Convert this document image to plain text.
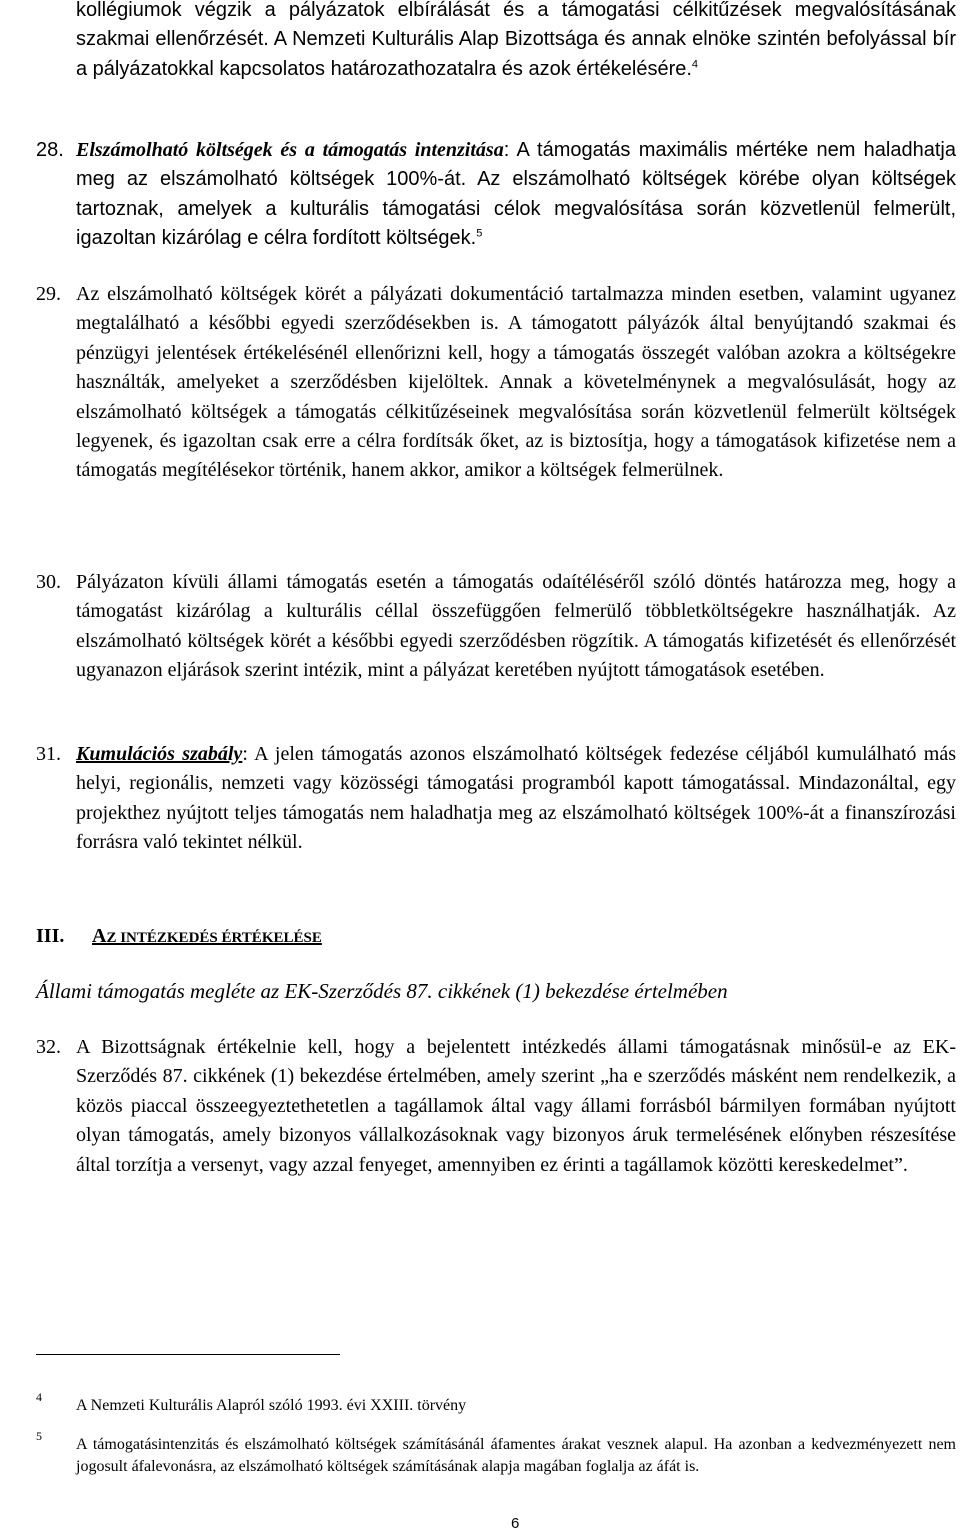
kollégiumok végzik a pályázatok elbírálását és a támogatási célkitűzések megvalósításának szakmai ellenőrzését. A Nemzeti Kulturális Alap Bizottsága és annak elnöke szintén befolyással bír a pályázatokkal kapcsolatos határozathozatalra és azok értékelésére.$^4$
28. Elszámolható költségek és a támogatás intenzitása: A támogatás maximális mértéke nem haladhatja meg az elszámolható költségek 100%-át. Az elszámolható költségek körébe olyan költségek tartoznak, amelyek a kulturális támogatási célok megvalósítása során közvetlenül felmerült, igazoltan kizárólag e célra fordított költségek.$^5$
29. Az elszámolható költségek körét a pályázati dokumentáció tartalmazza minden esetben, valamint ugyanez megtalálható a későbbi egyedi szerződésekben is. A támogatott pályázók által benyújtandó szakmai és pénzügyi jelentések értékelésénél ellenőrizni kell, hogy a támogatás összegét valóban azokra a költségekre használták, amelyeket a szerződésben kijelöltek. Annak a követelménynek a megvalósulását, hogy az elszámolható költségek a támogatás célkitűzéseinek megvalósítása során közvetlenül felmerült költségek legyenek, és igazoltan csak erre a célra fordítsák őket, az is biztosítja, hogy a támogatások kifizetése nem a támogatás megítélésekor történik, hanem akkor, amikor a költségek felmerülnek.
30. Pályázaton kívüli állami támogatás esetén a támogatás odaítéléséről szóló döntés határozza meg, hogy a támogatást kizárólag a kulturális céllal összefüggően felmerülő többletköltségekre használhatják. Az elszámolható költségek körét a későbbi egyedi szerződésben rögzítik. A támogatás kifizetését és ellenőrzését ugyanazon eljárások szerint intézik, mint a pályázat keretében nyújtott támogatások esetében.
31. Kumulációs szabály: A jelen támogatás azonos elszámolható költségek fedezése céljából kumulálható más helyi, regionális, nemzeti vagy közösségi támogatási programból kapott támogatással. Mindazonáltal, egy projekthez nyújtott teljes támogatás nem haladhatja meg az elszámolható költségek 100%-át a finanszírozási forrásra való tekintet nélkül.
III. AZ INTÉZKEDÉS ÉRTÉKELÉSE
Állami támogatás megléte az EK-Szerződés 87. cikkének (1) bekezdése értelmében
32. A Bizottságnak értékelnie kell, hogy a bejelentett intézkedés állami támogatásnak minősül-e az EK-Szerződés 87. cikkének (1) bekezdése értelmében, amely szerint „ha e szerződés másként nem rendelkezik, a közös piaccal összeegyeztethetetlen a tagállamok által vagy állami forrásból bármilyen formában nyújtott olyan támogatás, amely bizonyos vállalkozásoknak vagy bizonyos áruk termelésének előnyben részesítése által torzítja a versenyt, vagy azzal fenyeget, amennyiben ez érinti a tagállamok közötti kereskedelmet”.
4 A Nemzeti Kulturális Alapról szóló 1993. évi XXIII. törvény
5 A támogatásintenzitás és elszámolható költségek számításánál áfamentes árakat vesznek alapul. Ha azonban a kedvezményezett nem jogosult áfalevonásra, az elszámolható költségek számításának alapja magában foglalja az áfát is.
6
